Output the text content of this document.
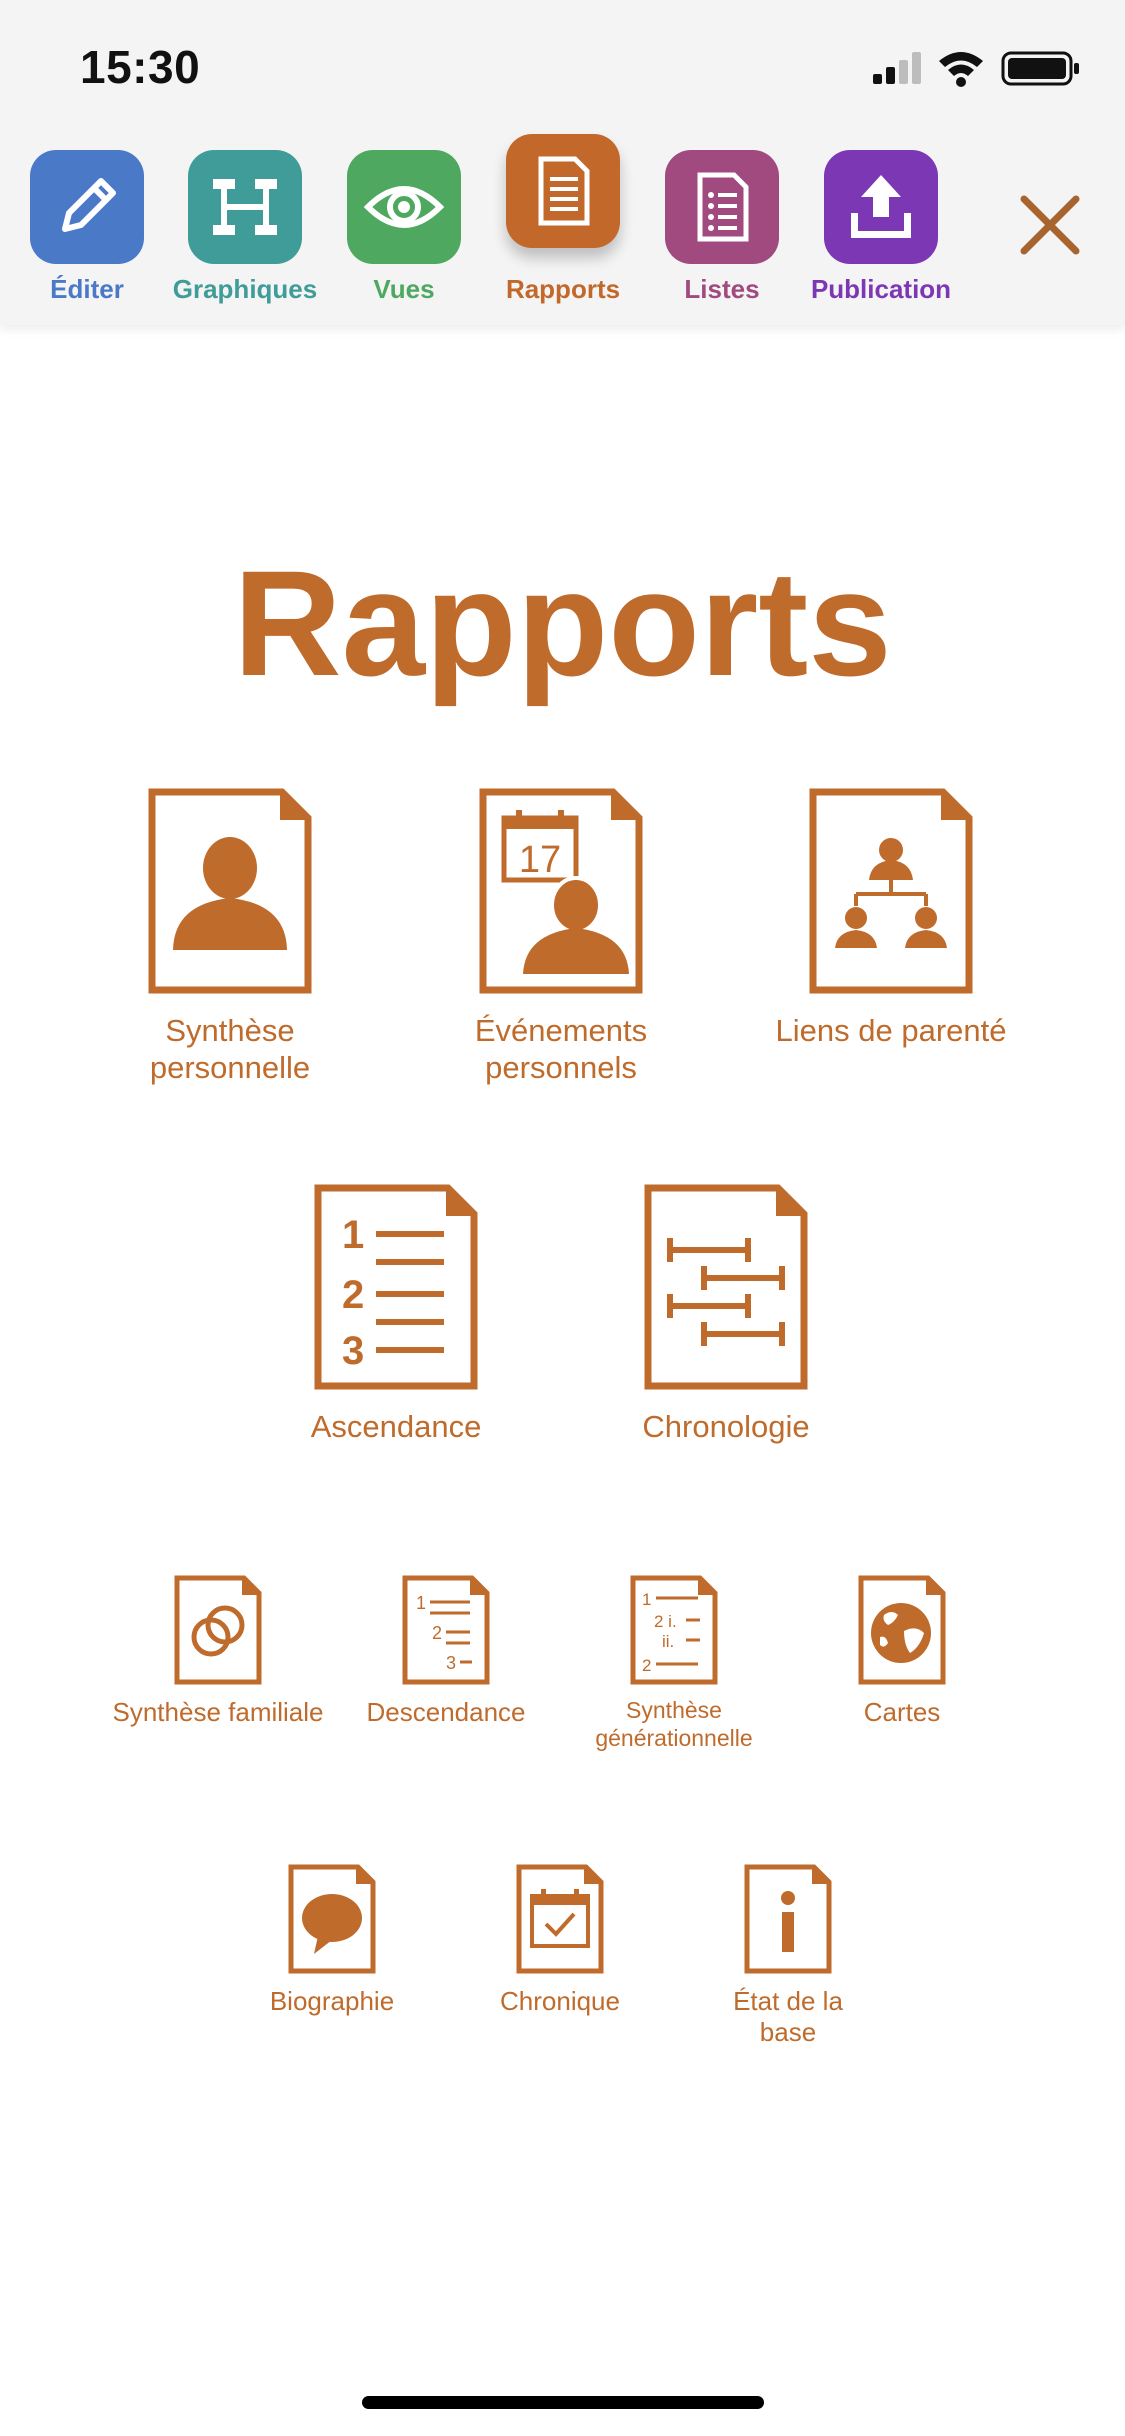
15:30
Éditer	Graphiques	Vues	Rapports	Listes	Publication
Rapports
Synthèse personnelle
17
Événements personnels
Liens de parenté
1
2
3
Ascendance	Chronologie
Synthèse familiale
1
2
3
Descendance
1
2 i.
ii.
2
Synthèse générationnelle
Cartes
Biographie	Chronique	État de la base
